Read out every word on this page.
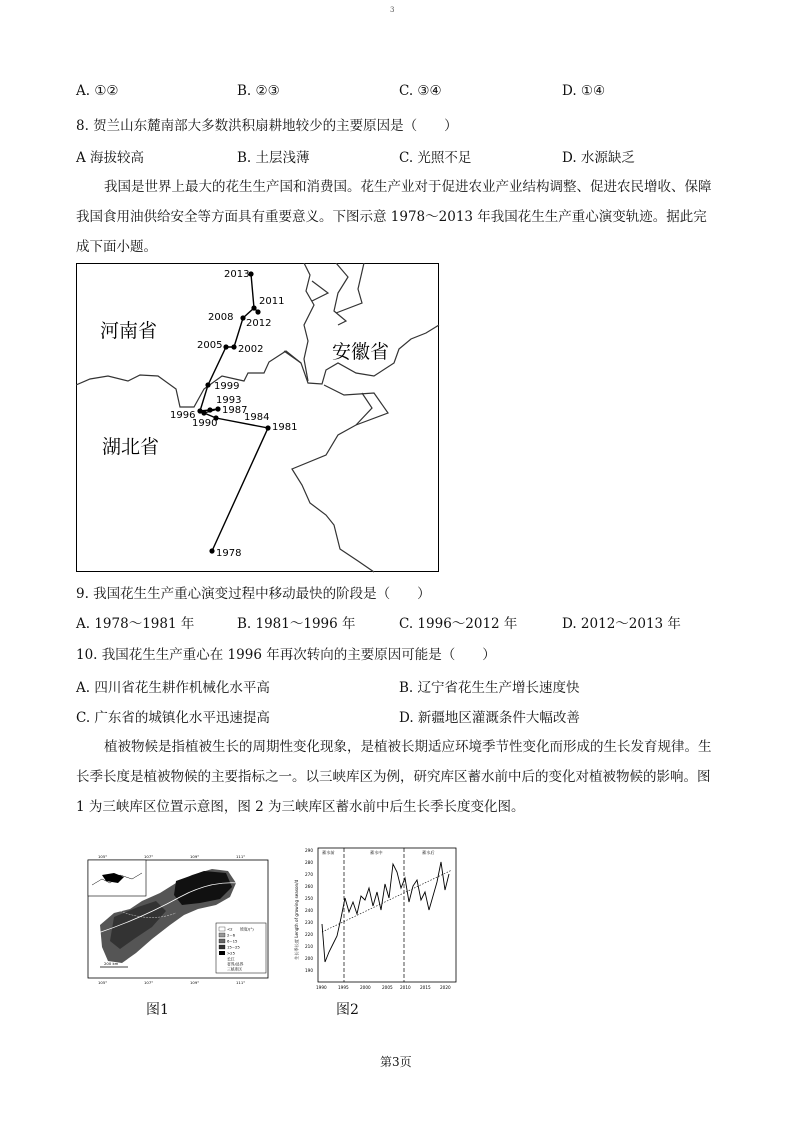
3
A. ①②	B. ②③	C. ③④	D. ①④
8. 贺兰山东麓南部大多数洪积扇耕地较少的主要原因是（　　）
A 海拔较高	B. 土层浅薄	C. 光照不足	D. 水源缺乏
我国是世界上最大的花生生产国和消费国。花生产业对于促进农业产业结构调整、促进农民增收、保障我国食用油供给安全等方面具有重要意义。下图示意 1978～2013 年我国花生生产重心演变轨迹。据此完成下面小题。
2013
2011
2012
2008
2005 2002
1999
1993
1987
1996
1990
1984
1981
1978
河南省
安徽省
湖北省
9. 我国花生生产重心演变过程中移动最快的阶段是（　　）
A. 1978～1981 年	B. 1981～1996 年	C. 1996～2012 年	D. 2012～2013 年
10. 我国花生生产重心在 1996 年再次转向的主要原因可能是（　　）
A. 四川省花生耕作机械化水平高	B. 辽宁省花生生产增长速度快
C. 广东省的城镇化水平迅速提高	D. 新疆地区灌溉条件大幅改善
植被物候是指植被生长的周期性变化现象，是植被长期适应环境季节性变化而形成的生长发育规律。生长季长度是植被物候的主要指标之一。以三峡库区为例，研究库区蓄水前中后的变化对植被物候的影响。图 1 为三峡库区位置示意图，图 2 为三峡库区蓄水前中后生长季长度变化图。
<2
2~6
6~15
15~25
>25
坡度/(°)
长江
省界/县界
三峡库区
105°	107°	109°	111°
105°	107°	109°	111°
200 km
图1
蓄水前	蓄水中	蓄水后
290
280
270
260
250
240
230
220
210
200
190
1990	1995	2000	2005 2010 2015 2020
生长季长度 Length of growing season/d
图2
第3页
